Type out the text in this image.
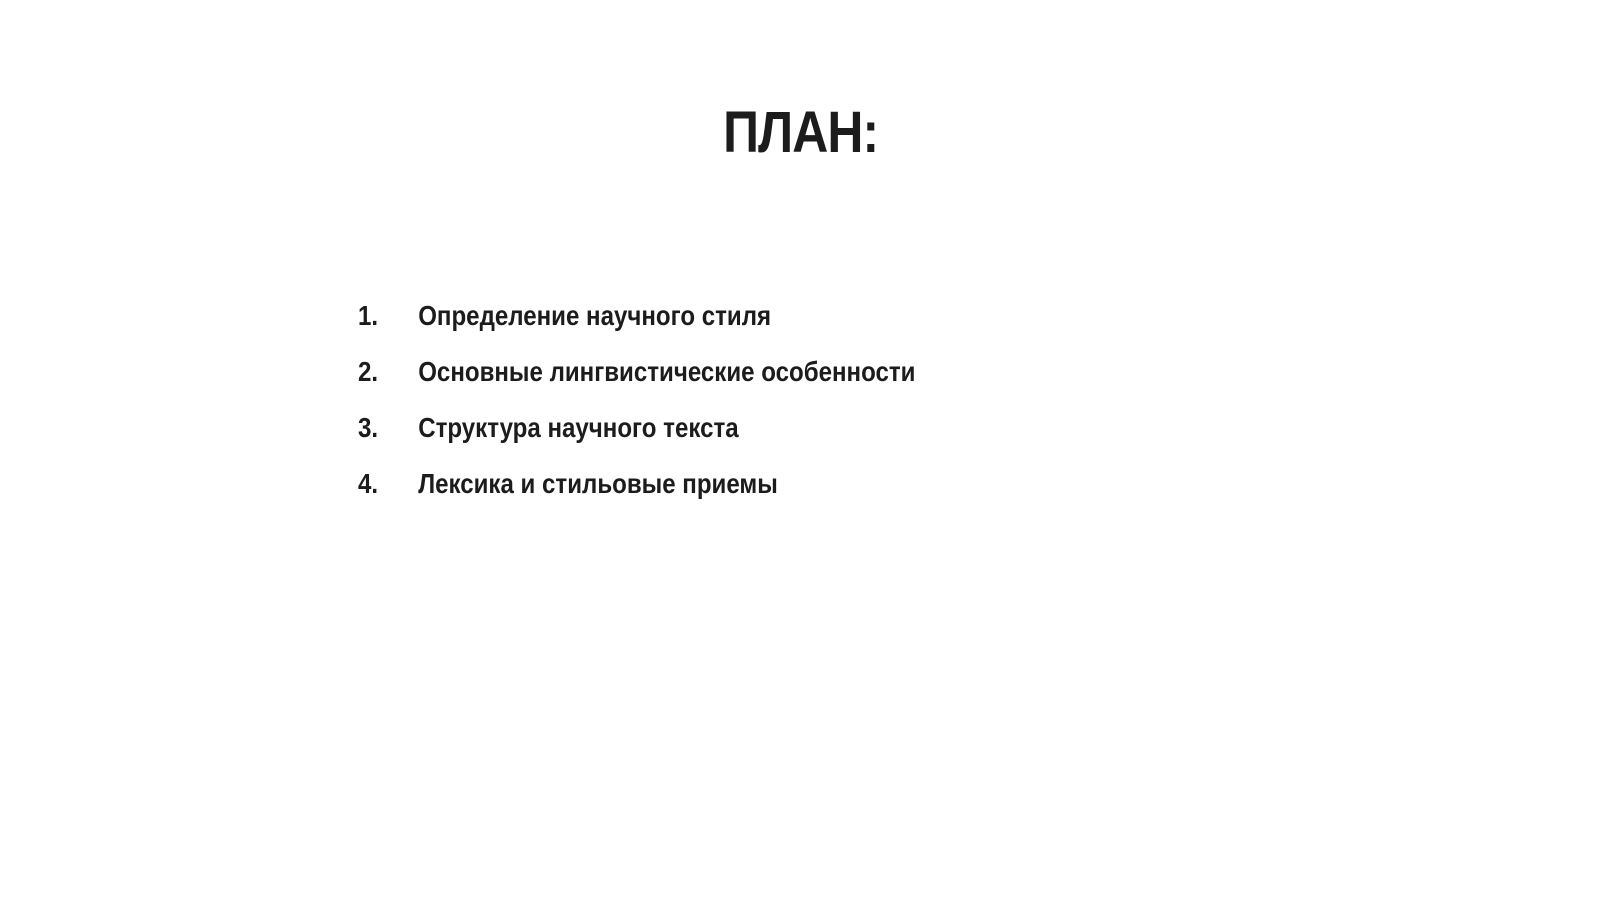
ПЛАН:
1.	Определение научного стиля
2.	Основные лингвистические особенности
3.	Структура научного текста
4.	Лексика и стильовые приемы
